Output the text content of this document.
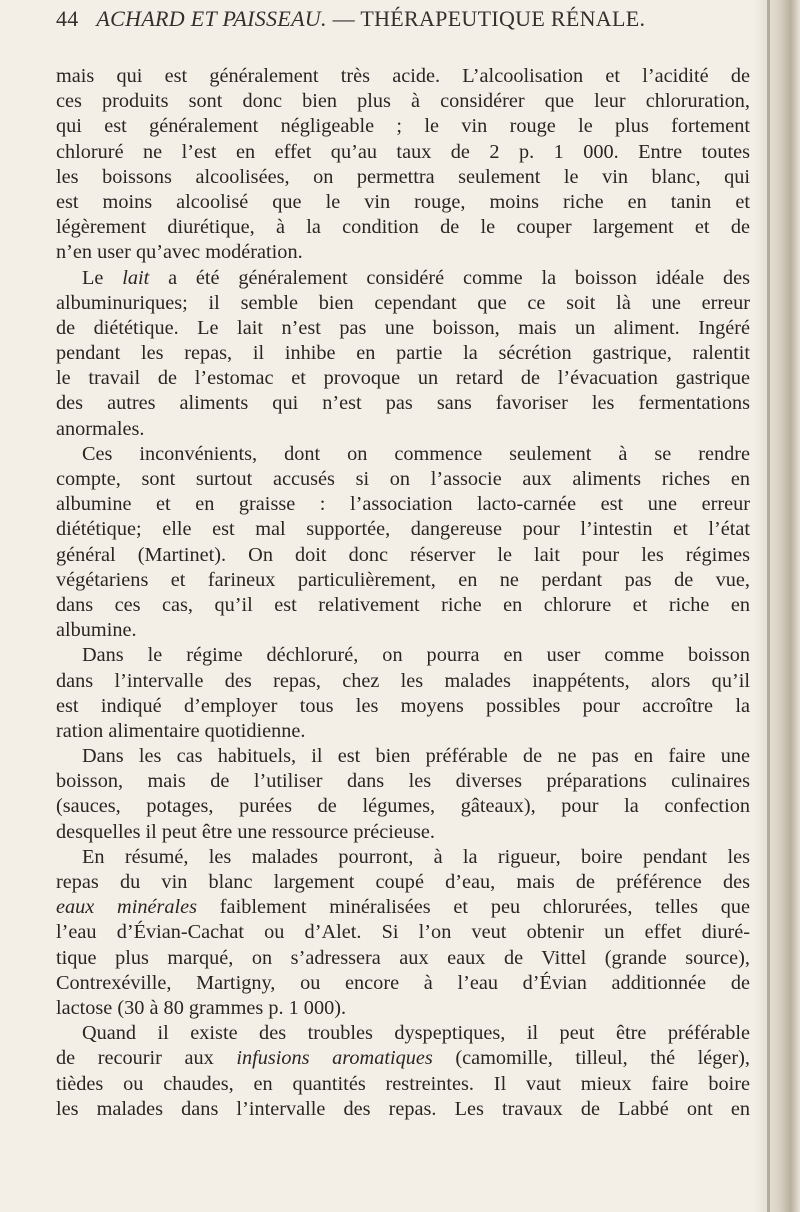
44 ACHARD ET PAISSEAU. — THÉRAPEUTIQUE RÉNALE.
mais qui est généralement très acide. L’alcoolisation et l’acidité de
ces produits sont donc bien plus à considérer que leur chloruration,
qui est généralement négligeable ; le vin rouge le plus fortement
chloruré ne l’est en effet qu’au taux de 2 p. 1 000. Entre toutes
les boissons alcoolisées, on permettra seulement le vin blanc, qui
est moins alcoolisé que le vin rouge, moins riche en tanin et
légèrement diurétique, à la condition de le couper largement et de
n’en user qu’avec modération.
Le lait a été généralement considéré comme la boisson idéale des
albuminuriques; il semble bien cependant que ce soit là une erreur
de diététique. Le lait n’est pas une boisson, mais un aliment. Ingéré
pendant les repas, il inhibe en partie la sécrétion gastrique, ralentit
le travail de l’estomac et provoque un retard de l’évacuation gastrique
des autres aliments qui n’est pas sans favoriser les fermentations
anormales.
Ces inconvénients, dont on commence seulement à se rendre
compte, sont surtout accusés si on l’associe aux aliments riches en
albumine et en graisse : l’association lacto-carnée est une erreur
diététique; elle est mal supportée, dangereuse pour l’intestin et l’état
général (Martinet). On doit donc réserver le lait pour les régimes
végétariens et farineux particulièrement, en ne perdant pas de vue,
dans ces cas, qu’il est relativement riche en chlorure et riche en
albumine.
Dans le régime déchloruré, on pourra en user comme boisson
dans l’intervalle des repas, chez les malades inappétents, alors qu’il
est indiqué d’employer tous les moyens possibles pour accroître la
ration alimentaire quotidienne.
Dans les cas habituels, il est bien préférable de ne pas en faire une
boisson, mais de l’utiliser dans les diverses préparations culinaires
(sauces, potages, purées de légumes, gâteaux), pour la confection
desquelles il peut être une ressource précieuse.
En résumé, les malades pourront, à la rigueur, boire pendant les
repas du vin blanc largement coupé d’eau, mais de préférence des
eaux minérales faiblement minéralisées et peu chlorurées, telles que
l’eau d’Évian-Cachat ou d’Alet. Si l’on veut obtenir un effet diuré-
tique plus marqué, on s’adressera aux eaux de Vittel (grande source),
Contrexéville, Martigny, ou encore à l’eau d’Évian additionnée de
lactose (30 à 80 grammes p. 1 000).
Quand il existe des troubles dyspeptiques, il peut être préférable
de recourir aux infusions aromatiques (camomille, tilleul, thé léger),
tièdes ou chaudes, en quantités restreintes. Il vaut mieux faire boire
les malades dans l’intervalle des repas. Les travaux de Labbé ont en
